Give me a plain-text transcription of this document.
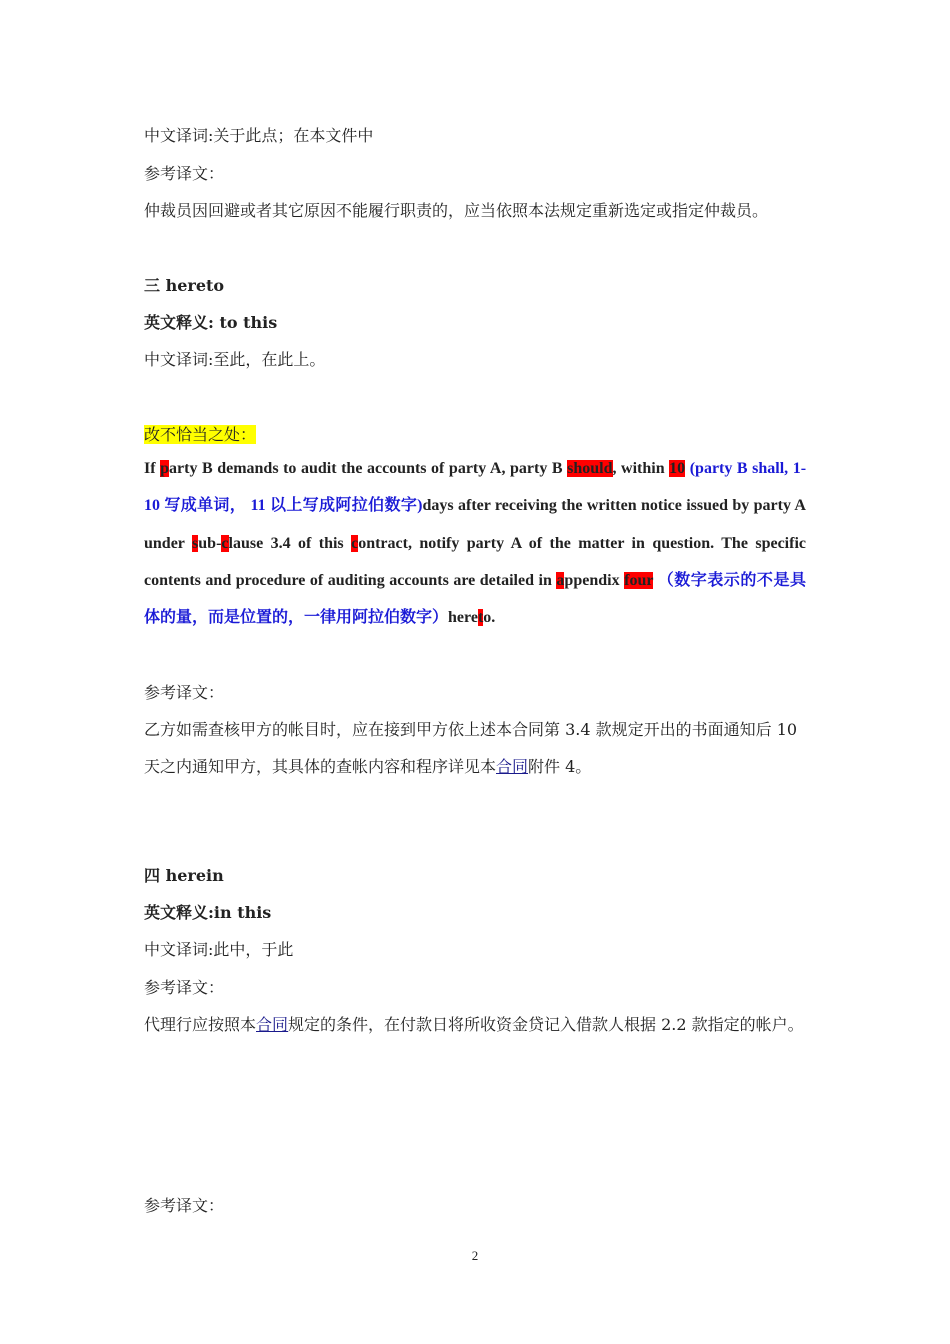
中文译词:关于此点；在本文件中
参考译文：
仲裁员因回避或者其它原因不能履行职责的，应当依照本法规定重新选定或指定仲裁员。
三 hereto
英文释义: to this
中文译词:至此，在此上。
改不恰当之处：
If party B demands to audit the accounts of party A, party B should, within 10 (party B shall, 1-10 写成单词， 11 以上写成阿拉伯数字)days after receiving the written notice issued by party A under sub-clause 3.4 of this contract, notify party A of the matter in question. The specific contents and procedure of auditing accounts are detailed in appendix four （数字表示的不是具体的量，而是位置的，一律用阿拉伯数字）hereto.
参考译文：
乙方如需查核甲方的帐目时，应在接到甲方依上述本合同第 3.4 款规定开出的书面通知后 10
天之内通知甲方，其具体的查帐内容和程序详见本合同附件 4。
四 herein
英文释义:in this
中文译词:此中，于此
参考译文：
代理行应按照本合同规定的条件，在付款日将所收资金贷记入借款人根据 2.2 款指定的帐户。
参考译文：
2
